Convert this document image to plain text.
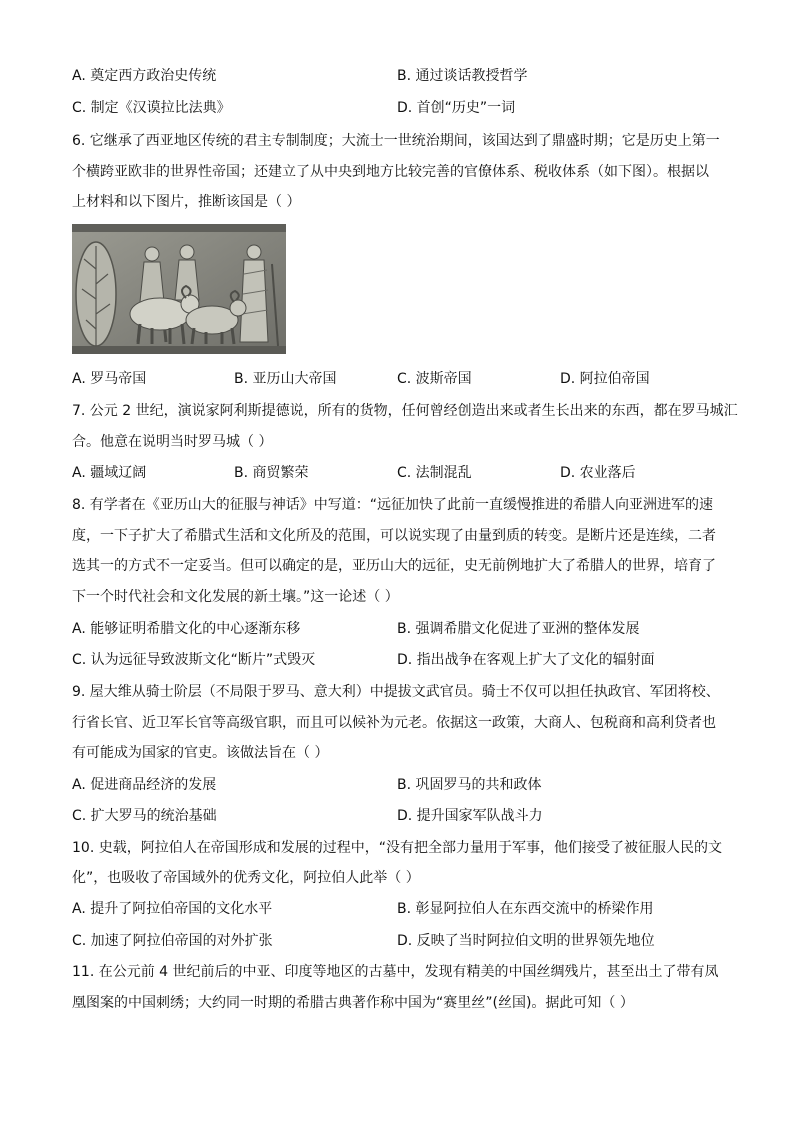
A. 奠定西方政治史传统	B. 通过谈话教授哲学
C. 制定《汉谟拉比法典》	D. 首创“历史”一词
6. 它继承了西亚地区传统的君主专制制度；大流士一世统治期间，该国达到了鼎盛时期；它是历史上第一
个横跨亚欧非的世界性帝国；还建立了从中央到地方比较完善的官僚体系、税收体系（如下图）。根据以
上材料和以下图片，推断该国是（ ）
A. 罗马帝国	B. 亚历山大帝国	C. 波斯帝国	D. 阿拉伯帝国
7. 公元 2 世纪，演说家阿利斯提德说，所有的货物，任何曾经创造出来或者生长出来的东西，都在罗马城汇
合。他意在说明当时罗马城（ ）
A. 疆域辽阔	B. 商贸繁荣	C. 法制混乱	D. 农业落后
8. 有学者在《亚历山大的征服与神话》中写道：“远征加快了此前一直缓慢推进的希腊人向亚洲进军的速
度，一下子扩大了希腊式生活和文化所及的范围，可以说实现了由量到质的转变。是断片还是连续，二者
选其一的方式不一定妥当。但可以确定的是，亚历山大的远征，史无前例地扩大了希腊人的世界，培育了
下一个时代社会和文化发展的新土壤。”这一论述（ ）
A. 能够证明希腊文化的中心逐渐东移	B. 强调希腊文化促进了亚洲的整体发展
C. 认为远征导致波斯文化“断片”式毁灭	D. 指出战争在客观上扩大了文化的辐射面
9. 屋大维从骑士阶层（不局限于罗马、意大利）中提拔文武官员。骑士不仅可以担任执政官、军团将校、
行省长官、近卫军长官等高级官职，而且可以候补为元老。依据这一政策，大商人、包税商和高利贷者也
有可能成为国家的官吏。该做法旨在（ ）
A. 促进商品经济的发展	B. 巩固罗马的共和政体
C. 扩大罗马的统治基础	D. 提升国家军队战斗力
10. 史载，阿拉伯人在帝国形成和发展的过程中，“没有把全部力量用于军事，他们接受了被征服人民的文
化”，也吸收了帝国域外的优秀文化，阿拉伯人此举（ ）
A. 提升了阿拉伯帝国的文化水平	B. 彰显阿拉伯人在东西交流中的桥梁作用
C. 加速了阿拉伯帝国的对外扩张	D. 反映了当时阿拉伯文明的世界领先地位
11. 在公元前 4 世纪前后的中亚、印度等地区的古墓中，发现有精美的中国丝绸残片，甚至出土了带有凤
凰图案的中国刺绣；大约同一时期的希腊古典著作称中国为“赛里丝”(丝国)。据此可知（ ）
